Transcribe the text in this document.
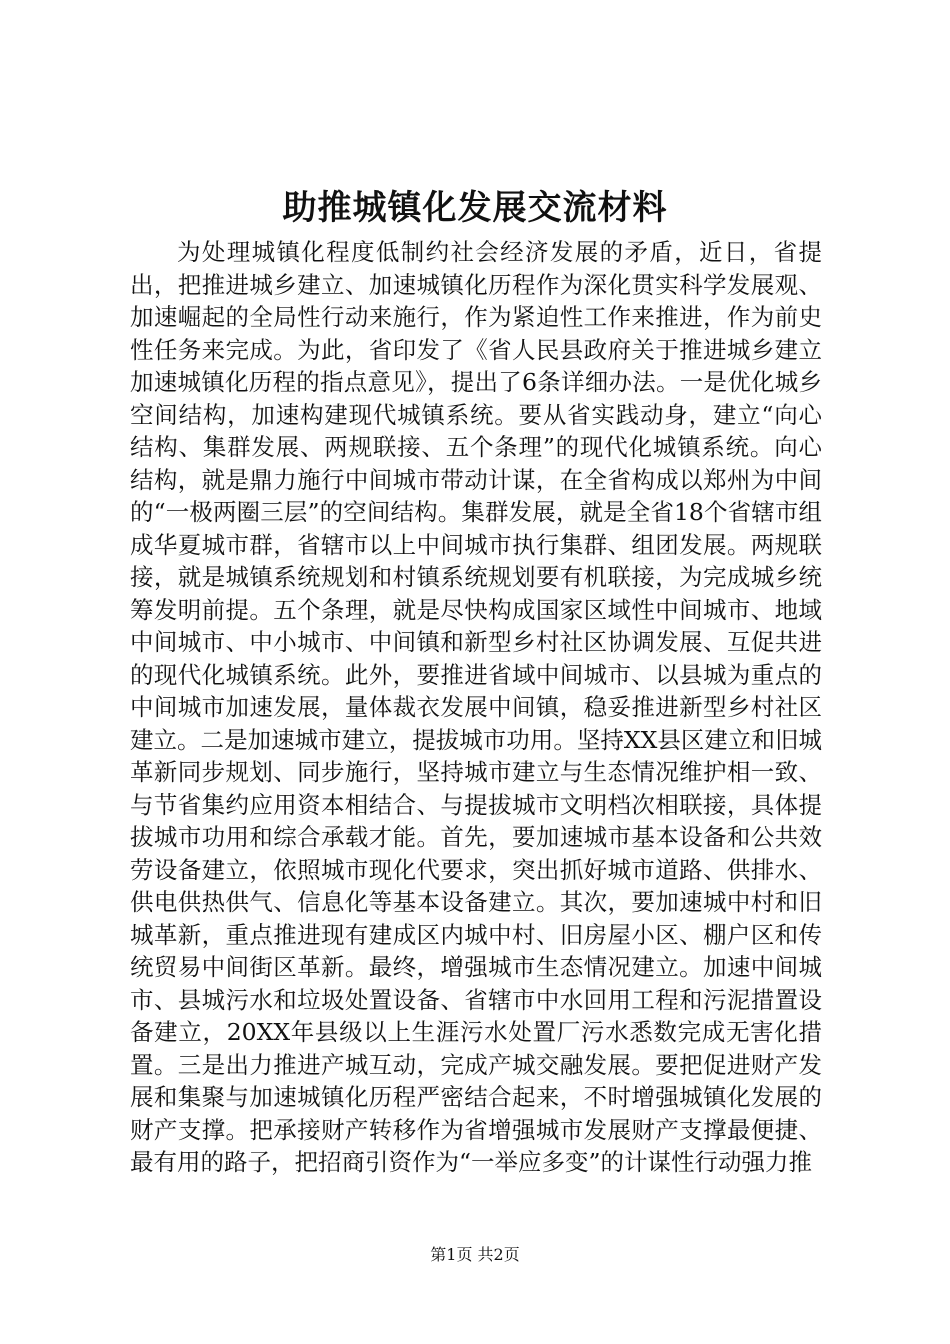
助推城镇化发展交流材料

为处理城镇化程度低制约社会经济发展的矛盾，近日，省提出，把推进城乡建立、加速城镇化历程作为深化贯实科学发展观、加速崛起的全局性行动来施行，作为紧迫性工作来推进，作为前史性任务来完成。为此，省印发了《省人民县政府关于推进城乡建立加速城镇化历程的指点意见》，提出了6条详细办法。一是优化城乡空间结构，加速构建现代城镇系统。要从省实践动身，建立“向心结构、集群发展、两规联接、五个条理”的现代化城镇系统。向心结构，就是鼎力施行中间城市带动计谋，在全省构成以郑州为中间的“一极两圈三层”的空间结构。集群发展，就是全省18个省辖市组成华夏城市群，省辖市以上中间城市执行集群、组团发展。两规联接，就是城镇系统规划和村镇系统规划要有机联接，为完成城乡统筹发明前提。五个条理，就是尽快构成国家区域性中间城市、地域中间城市、中小城市、中间镇和新型乡村社区协调发展、互促共进的现代化城镇系统。此外，要推进省域中间城市、以县城为重点的中间城市加速发展，量体裁衣发展中间镇，稳妥推进新型乡村社区建立。二是加速城市建立，提拔城市功用。坚持XX县区建立和旧城革新同步规划、同步施行，坚持城市建立与生态情况维护相一致、与节省集约应用资本相结合、与提拔城市文明档次相联接，具体提拔城市功用和综合承载才能。首先，要加速城市基本设备和公共效劳设备建立，依照城市现化代要求，突出抓好城市道路、供排水、供电供热供气、信息化等基本设备建立。其次，要加速城中村和旧城革新，重点推进现有建成区内城中村、旧房屋小区、棚户区和传统贸易中间街区革新。最终，增强城市生态情况建立。加速中间城市、县城污水和垃圾处置设备、省辖市中水回用工程和污泥措置设备建立，20XX年县级以上生涯污水处置厂污水悉数完成无害化措置。三是出力推进产城互动，完成产城交融发展。要把促进财产发展和集聚与加速城镇化历程严密结合起来，不时增强城镇化发展的财产支撑。把承接财产转移作为省增强城市发展财产支撑最便捷、最有用的路子，把招商引资作为“一举应多变”的计谋性行动强力推

第1页 共2页
